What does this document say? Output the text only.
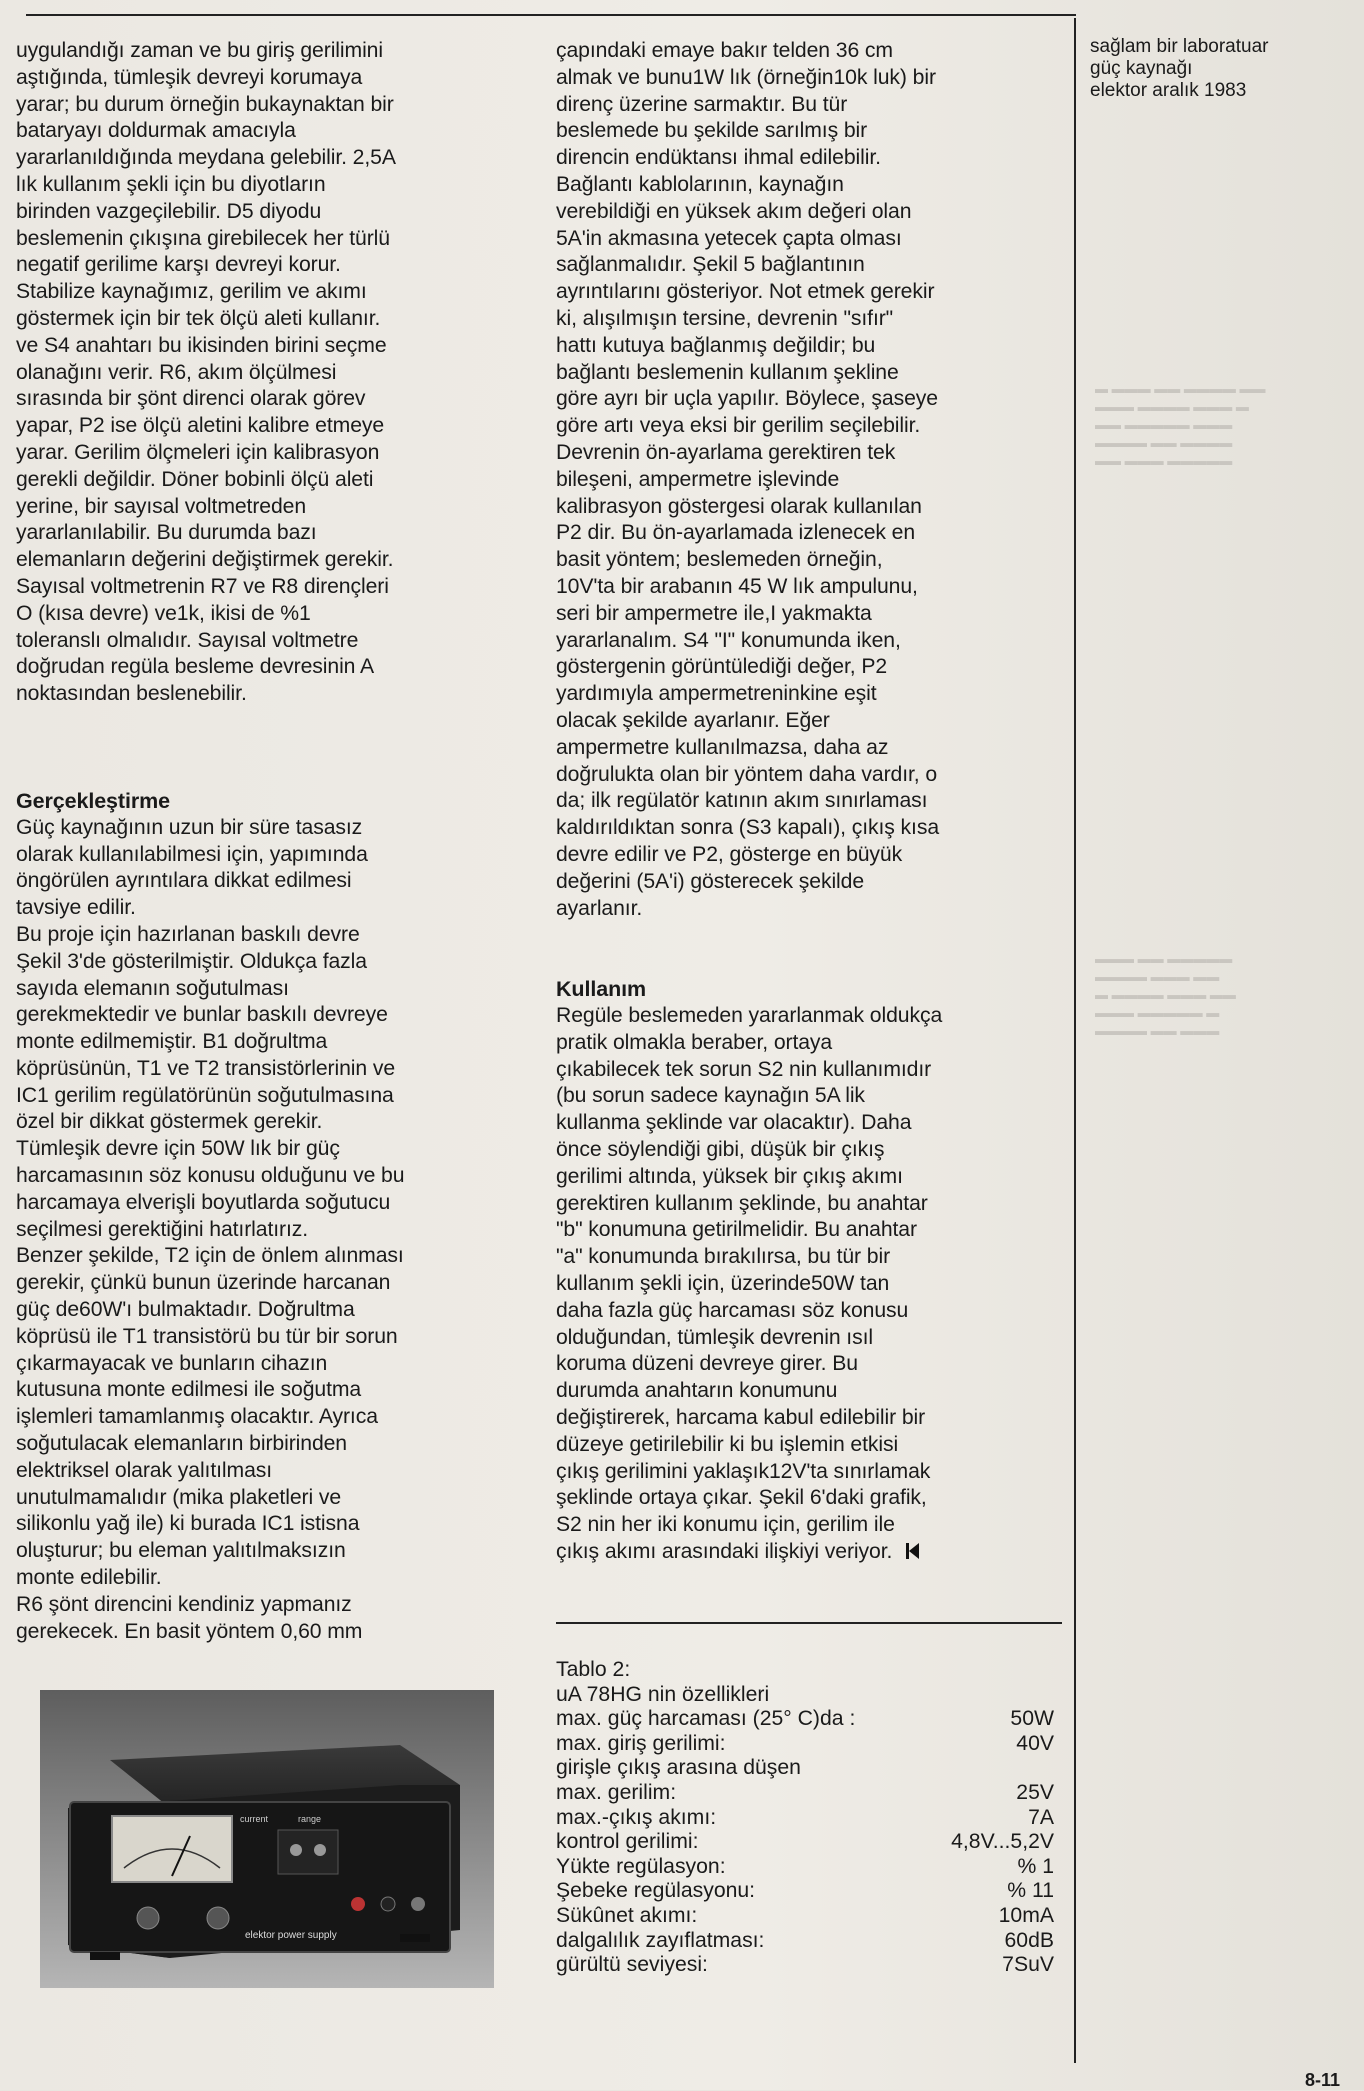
▬ ▬▬▬ ▬▬ ▬▬▬▬ ▬▬
▬▬▬ ▬▬▬▬ ▬▬▬ ▬
▬▬ ▬▬▬▬▬ ▬▬▬
▬▬▬▬ ▬▬ ▬▬▬▬
▬▬ ▬▬▬ ▬▬▬▬▬
▬▬▬ ▬▬ ▬▬▬▬▬
▬▬▬▬ ▬▬▬ ▬▬
▬ ▬▬▬▬ ▬▬▬ ▬▬
▬▬▬ ▬▬▬▬▬ ▬
▬▬▬▬ ▬▬ ▬▬▬

uygulandığı zaman ve bu giriş gerilimini
aştığında, tümleşik devreyi korumaya
yarar; bu durum örneğin bukaynaktan bir
bataryayı doldurmak amacıyla
yararlanıldığında meydana gelebilir. 2,5A
lık kullanım şekli için bu diyotların
birinden vazgeçilebilir. D5 diyodu
beslemenin çıkışına girebilecek her türlü
negatif gerilime karşı devreyi korur.
Stabilize kaynağımız, gerilim ve akımı
göstermek için bir tek ölçü aleti kullanır.
ve S4 anahtarı bu ikisinden birini seçme
olanağını verir. R6, akım ölçülmesi
sırasında bir şönt direnci olarak görev
yapar, P2 ise ölçü aletini kalibre etmeye
yarar. Gerilim ölçmeleri için kalibrasyon
gerekli değildir. Döner bobinli ölçü aleti
yerine, bir sayısal voltmetreden
yararlanılabilir. Bu durumda bazı
elemanların değerini değiştirmek gerekir.
Sayısal voltmetrenin R7 ve R8 dirençleri
O (kısa devre) ve1k, ikisi de %1
toleranslı olmalıdır. Sayısal voltmetre
doğrudan regüla besleme devresinin A
noktasından beslenebilir.

Gerçekleştirme

Güç kaynağının uzun bir süre tasasız
olarak kullanılabilmesi için, yapımında
öngörülen ayrıntılara dikkat edilmesi
tavsiye edilir.
Bu proje için hazırlanan baskılı devre
Şekil 3'de gösterilmiştir. Oldukça fazla
sayıda elemanın soğutulması
gerekmektedir ve bunlar baskılı devreye
monte edilmemiştir. B1 doğrultma
köprüsünün, T1 ve T2 transistörlerinin ve
IC1 gerilim regülatörünün soğutulmasına
özel bir dikkat göstermek gerekir.
Tümleşik devre için 50W lık bir güç
harcamasının söz konusu olduğunu ve bu
harcamaya elverişli boyutlarda soğutucu
seçilmesi gerektiğini hatırlatırız.
Benzer şekilde, T2 için de önlem alınması
gerekir, çünkü bunun üzerinde harcanan
güç de60W'ı bulmaktadır. Doğrultma
köprüsü ile T1 transistörü bu tür bir sorun
çıkarmayacak ve bunların cihazın
kutusuna monte edilmesi ile soğutma
işlemleri tamamlanmış olacaktır. Ayrıca
soğutulacak elemanların birbirinden
elektriksel olarak yalıtılması
unutulmamalıdır (mika plaketleri ve
silikonlu yağ ile) ki burada IC1 istisna
oluşturur; bu eleman yalıtılmaksızın
monte edilebilir.
R6 şönt direncini kendiniz yapmanız
gerekecek. En basit yöntem 0,60 mm

çapındaki emaye bakır telden 36 cm
almak ve bunu1W lık (örneğin10k luk) bir
direnç üzerine sarmaktır. Bu tür
beslemede bu şekilde sarılmış bir
direncin endüktansı ihmal edilebilir.
Bağlantı kablolarının, kaynağın
verebildiği en yüksek akım değeri olan
5A'in akmasına yetecek çapta olması
sağlanmalıdır. Şekil 5 bağlantının
ayrıntılarını gösteriyor. Not etmek gerekir
ki, alışılmışın tersine, devrenin "sıfır"
hattı kutuya bağlanmış değildir; bu
bağlantı beslemenin kullanım şekline
göre ayrı bir uçla yapılır. Böylece, şaseye
göre artı veya eksi bir gerilim seçilebilir.
Devrenin ön-ayarlama gerektiren tek
bileşeni, ampermetre işlevinde
kalibrasyon göstergesi olarak kullanılan
P2 dir. Bu ön-ayarlamada izlenecek en
basit yöntem; beslemeden örneğin,
10V'ta bir arabanın 45 W lık ampulunu,
seri bir ampermetre ile,I yakmakta
yararlanalım. S4 "I" konumunda iken,
göstergenin görüntülediği değer, P2
yardımıyla ampermetreninkine eşit
olacak şekilde ayarlanır. Eğer
ampermetre kullanılmazsa, daha az
doğrulukta olan bir yöntem daha vardır, o
da; ilk regülatör katının akım sınırlaması
kaldırıldıktan sonra (S3 kapalı), çıkış kısa
devre edilir ve P2, gösterge en büyük
değerini (5A'i) gösterecek şekilde
ayarlanır.

Kullanım

Regüle beslemeden yararlanmak oldukça
pratik olmakla beraber, ortaya
çıkabilecek tek sorun S2 nin kullanımıdır
(bu sorun sadece kaynağın 5A lik
kullanma şeklinde var olacaktır). Daha
önce söylendiği gibi, düşük bir çıkış
gerilimi altında, yüksek bir çıkış akımı
gerektiren kullanım şeklinde, bu anahtar
"b" konumuna getirilmelidir. Bu anahtar
"a" konumunda bırakılırsa, bu tür bir
kullanım şekli için, üzerinde50W tan
daha fazla güç harcaması söz konusu
olduğundan, tümleşik devrenin ısıl
koruma düzeni devreye girer. Bu
durumda anahtarın konumunu
değiştirerek, harcama kabul edilebilir bir
düzeye getirilebilir ki bu işlemin etkisi
çıkış gerilimini yaklaşık12V'ta sınırlamak
şeklinde ortaya çıkar. Şekil 6'daki grafik,
S2 nin her iki konumu için, gerilim ile
çıkış akımı arasındaki ilişkiyi veriyor.

sağlam bir laboratuar

güç kaynağı

elektor aralık 1983

Tablo 2:

uA 78HG nin özellikleri

max. güç harcaması (25° C)da :	50W
max. giriş gerilimi:	40V
girişle çıkış arasına düşen
max. gerilim:	25V
max.-çıkış akımı:	7A
kontrol gerilimi:	4,8V...5,2V
Yükte regülasyon:	% 1
Şebeke regülasyonu:	% 11
Sükûnet akımı:	10mA
dalgalılık zayıflatması:	60dB
gürültü seviyesi:	7SuV
current	range
elektor power supply
8-11
